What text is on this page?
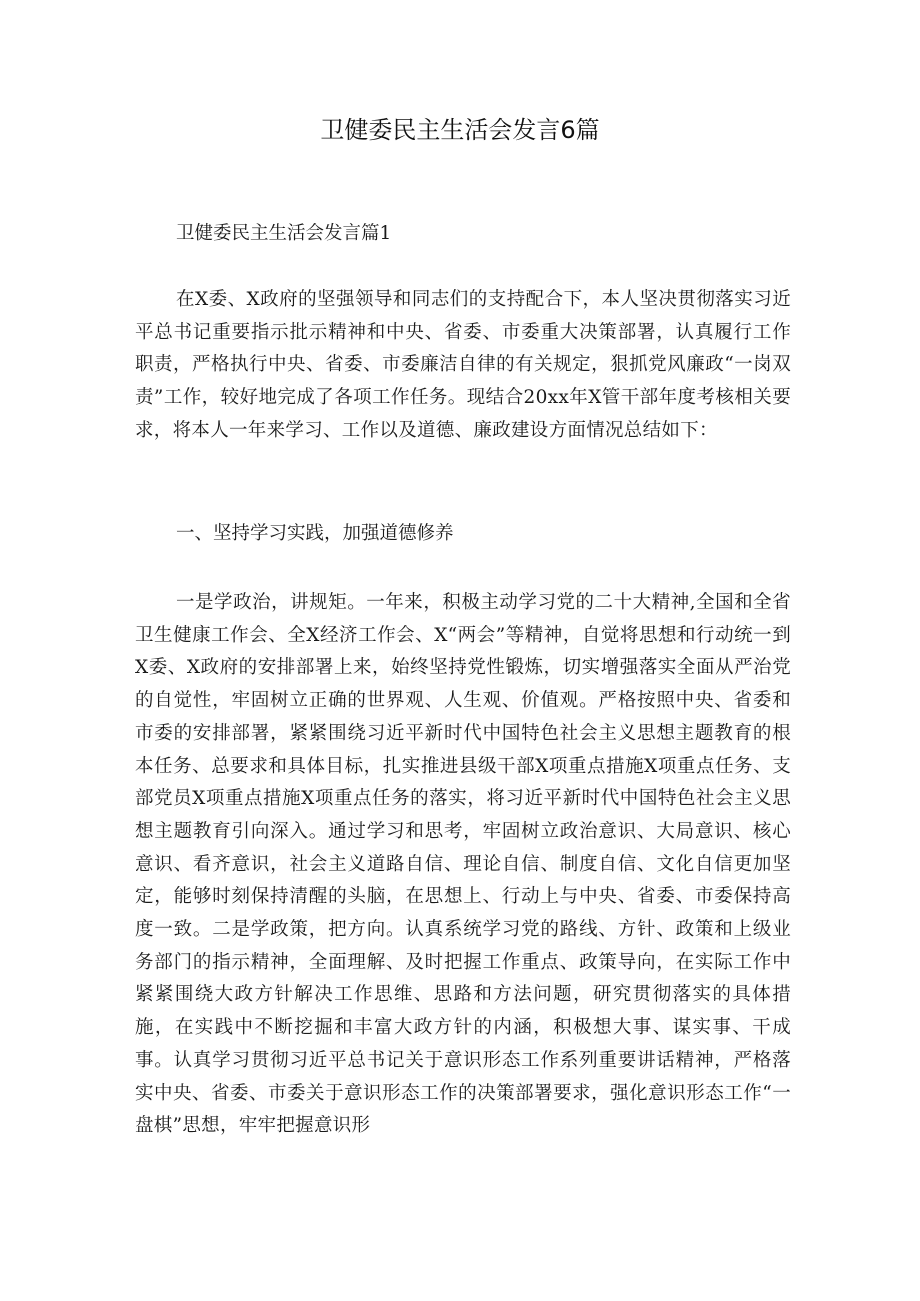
卫健委民主生活会发言6篇

卫健委民主生活会发言篇1

在X委、X政府的坚强领导和同志们的支持配合下，本人坚决贯彻落实习近平总书记重要指示批示精神和中央、省委、市委重大决策部署，认真履行工作职责，严格执行中央、省委、市委廉洁自律的有关规定，狠抓党风廉政“一岗双责”工作，较好地完成了各项工作任务。现结合20xx年X管干部年度考核相关要求，将本人一年来学习、工作以及道德、廉政建设方面情况总结如下：

一、坚持学习实践，加强道德修养

一是学政治，讲规矩。一年来，积极主动学习党的二十大精神,全国和全省卫生健康工作会、全X经济工作会、X“两会”等精神，自觉将思想和行动统一到X委、X政府的安排部署上来，始终坚持党性锻炼，切实增强落实全面从严治党的自觉性，牢固树立正确的世界观、人生观、价值观。严格按照中央、省委和市委的安排部署，紧紧围绕习近平新时代中国特色社会主义思想主题教育的根本任务、总要求和具体目标，扎实推进县级干部X项重点措施X项重点任务、支部党员X项重点措施X项重点任务的落实，将习近平新时代中国特色社会主义思想主题教育引向深入。通过学习和思考，牢固树立政治意识、大局意识、核心意识、看齐意识，社会主义道路自信、理论自信、制度自信、文化自信更加坚定，能够时刻保持清醒的头脑，在思想上、行动上与中央、省委、市委保持高度一致。二是学政策，把方向。认真系统学习党的路线、方针、政策和上级业务部门的指示精神，全面理解、及时把握工作重点、政策导向，在实际工作中紧紧围绕大政方针解决工作思维、思路和方法问题，研究贯彻落实的具体措施，在实践中不断挖掘和丰富大政方针的内涵，积极想大事、谋实事、干成事。认真学习贯彻习近平总书记关于意识形态工作系列重要讲话精神，严格落实中央、省委、市委关于意识形态工作的决策部署要求，强化意识形态工作“一盘棋”思想，牢牢把握意识形
